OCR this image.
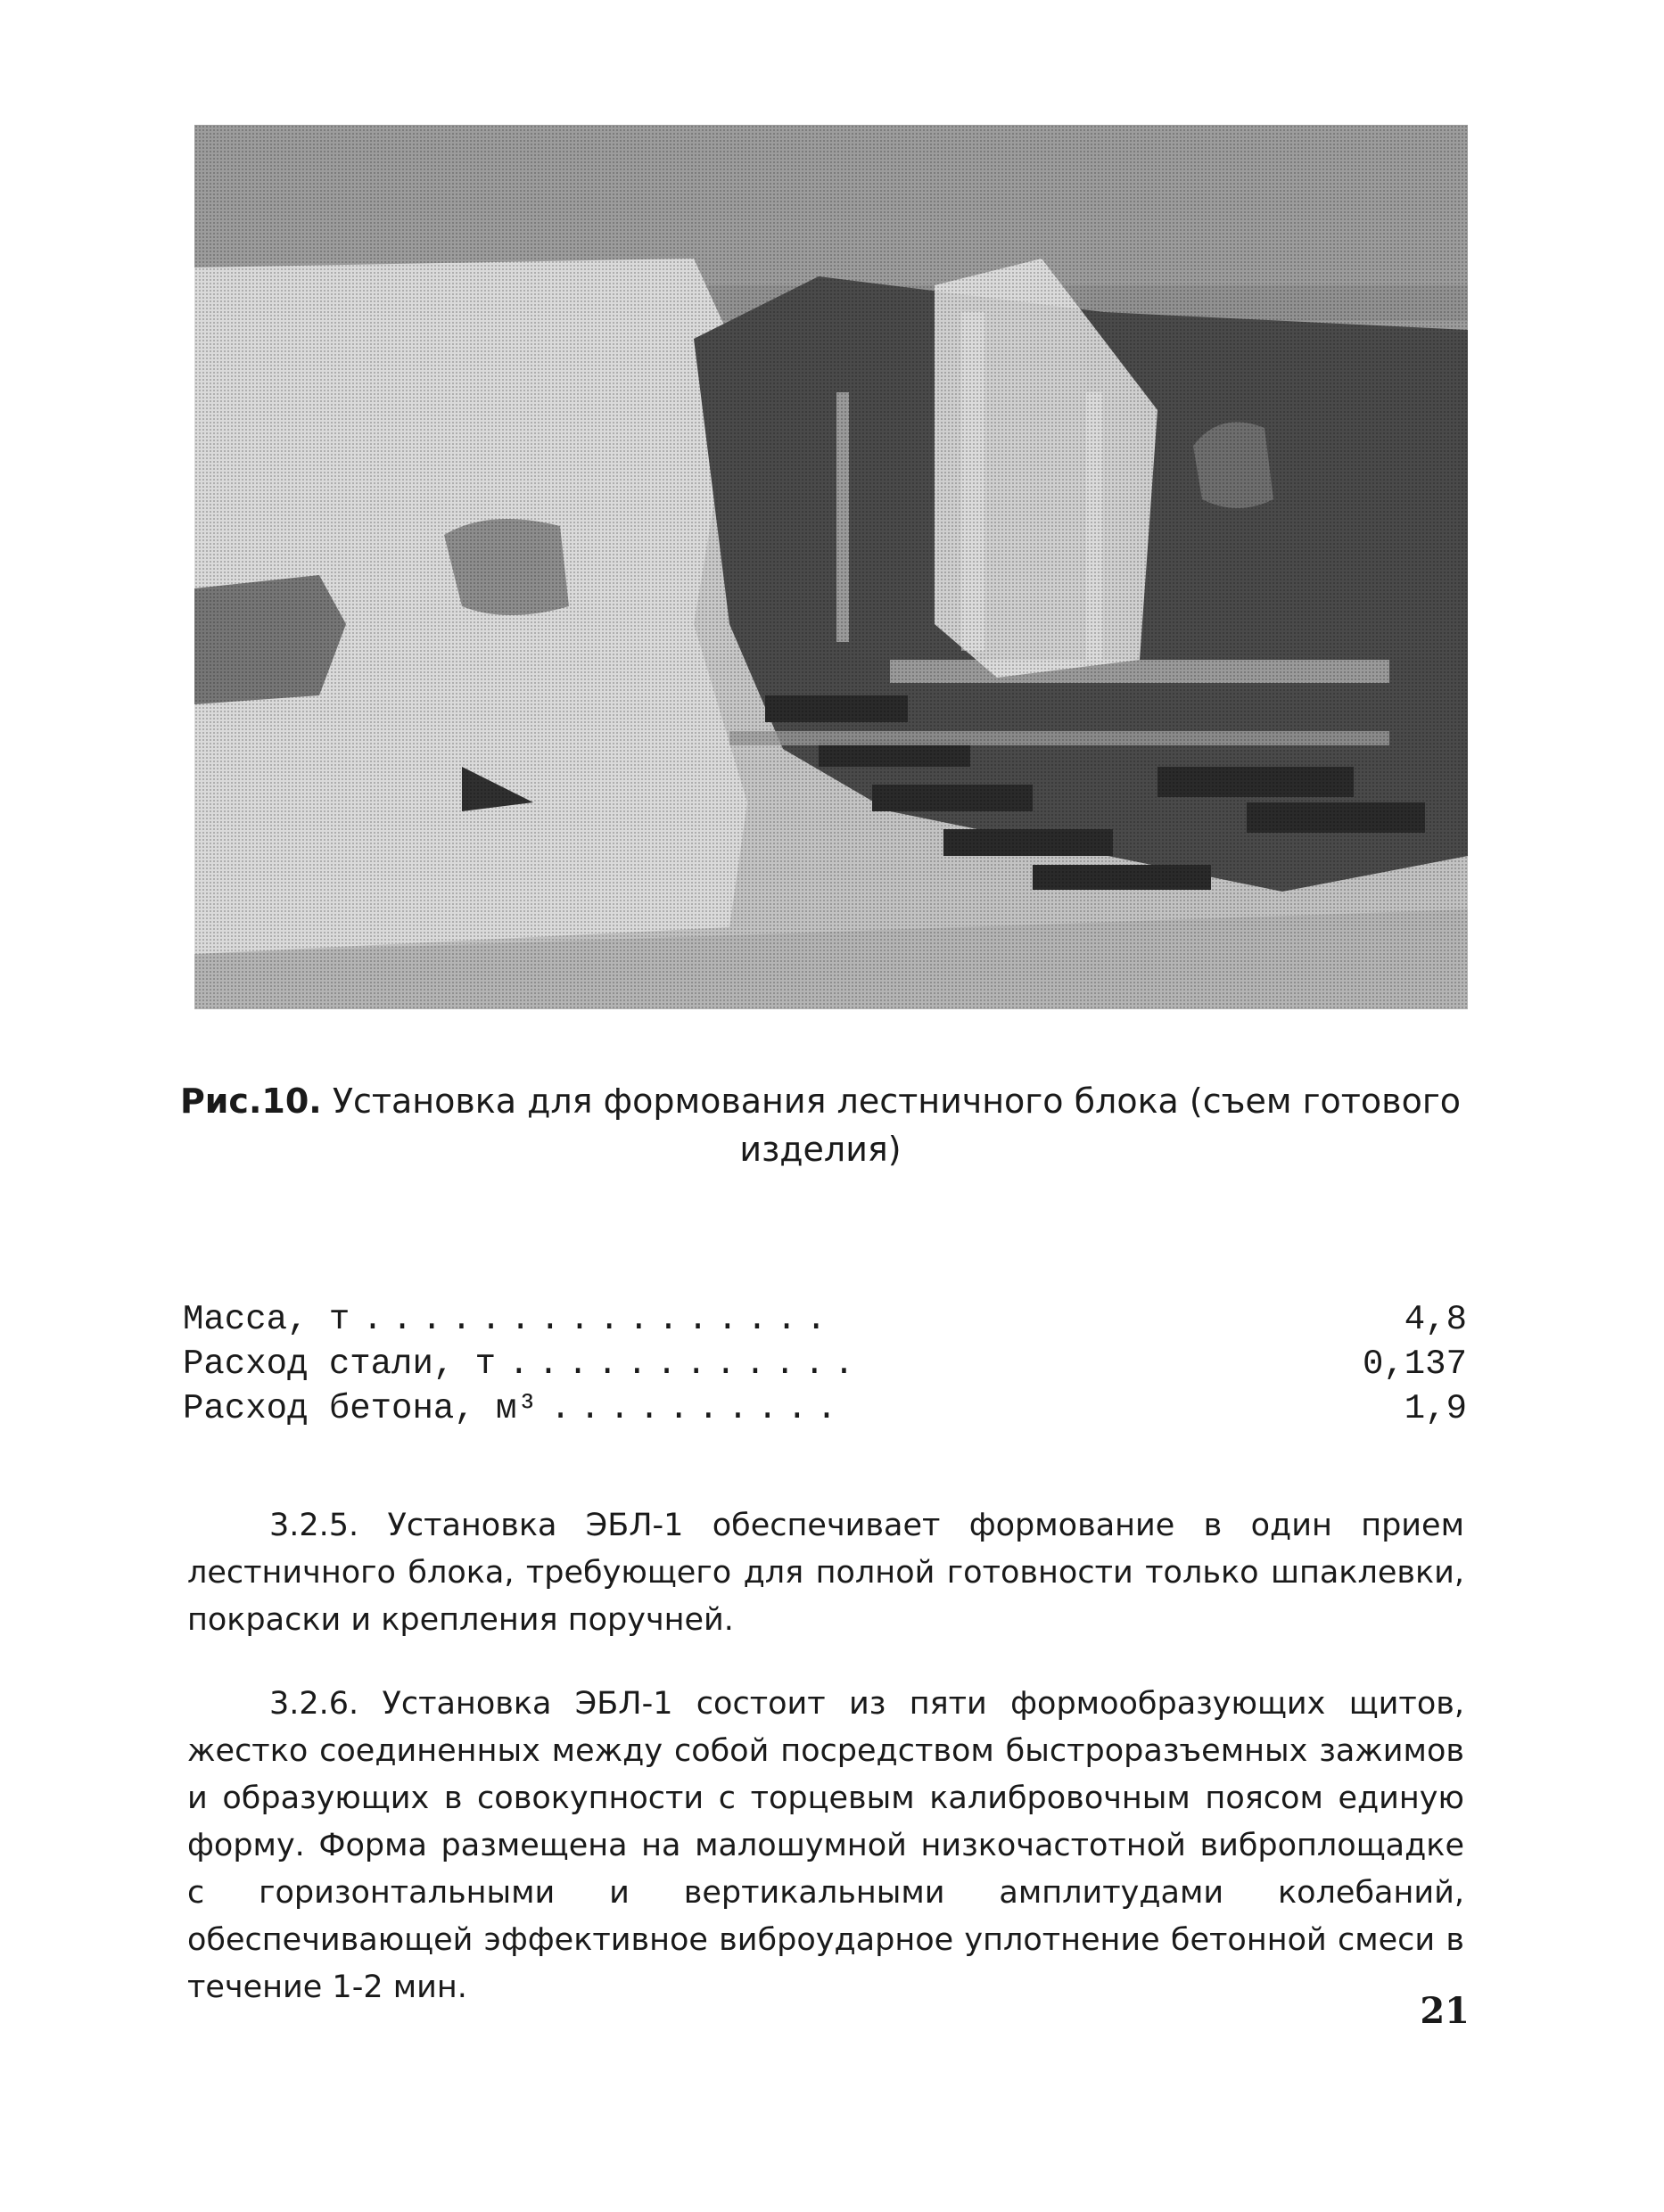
Рис.10. Установка для формования лестничного блока (съем готового изделия)
Масса, т ................	4,8
Расход стали, т ............	0,137
Расход бетона, м³ ..........	1,9

3.2.5. Установка ЭБЛ-1 обеспечивает формование в один прием лестничного блока, требующего для полной готовности только шпаклевки, покраски и крепления поручней.

3.2.6. Установка ЭБЛ-1 состоит из пяти формообразующих щитов, жестко соединенных между собой посредством быстроразъемных зажимов и образующих в совокупности с торцевым калибровочным поясом единую форму. Форма размещена на малошумной низкочастотной виброплощадке с горизонтальными и вертикальными амплитудами колебаний, обеспечивающей эффективное виброударное уплотнение бетонной смеси в течение 1-2 мин.

21
